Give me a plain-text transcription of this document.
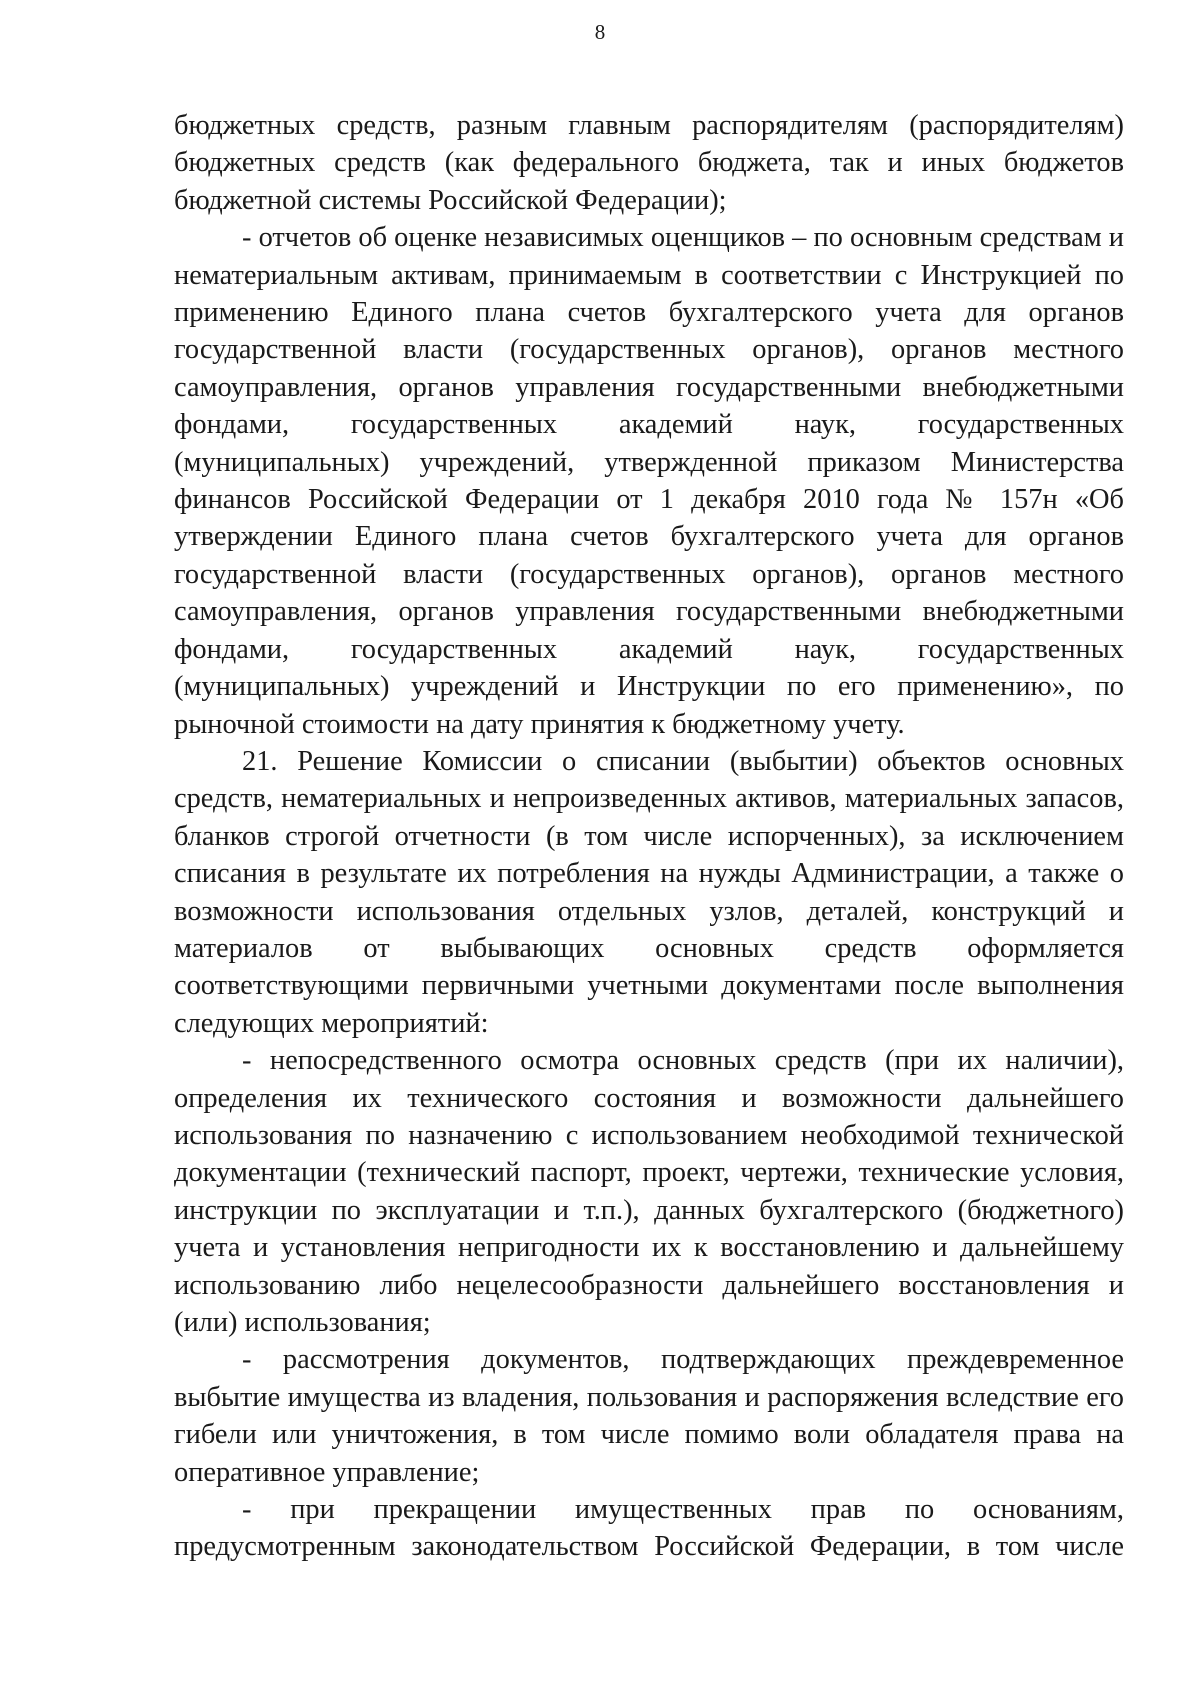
8

бюджетных средств, разным главным распорядителям (распорядителям) бюджетных средств (как федерального бюджета, так и иных бюджетов бюджетной системы Российской Федерации);

- отчетов об оценке независимых оценщиков – по основным средствам и нематериальным активам, принимаемым в соответствии с Инструкцией по применению Единого плана счетов бухгалтерского учета для органов государственной власти (государственных органов), органов местного самоуправления, органов управления государственными внебюджетными фондами, государственных академий наук, государственных (муниципальных) учреждений, утвержденной приказом Министерства финансов Российской Федерации от 1 декабря 2010 года № 157н «Об утверждении Единого плана счетов бухгалтерского учета для органов государственной власти (государственных органов), органов местного самоуправления, органов управления государственными внебюджетными фондами, государственных академий наук, государственных (муниципальных) учреждений и Инструкции по его применению», по рыночной стоимости на дату принятия к бюджетному учету.

21. Решение Комиссии о списании (выбытии) объектов основных средств, нематериальных и непроизведенных активов, материальных запасов, бланков строгой отчетности (в том числе испорченных), за исключением списания в результате их потребления на нужды Администрации, а также о возможности использования отдельных узлов, деталей, конструкций и материалов от выбывающих основных средств оформляется соответствующими первичными учетными документами после выполнения следующих мероприятий:

- непосредственного осмотра основных средств (при их наличии), определения их технического состояния и возможности дальнейшего использования по назначению с использованием необходимой технической документации (технический паспорт, проект, чертежи, технические условия, инструкции по эксплуатации и т.п.), данных бухгалтерского (бюджетного) учета и установления непригодности их к восстановлению и дальнейшему использованию либо нецелесообразности дальнейшего восстановления и (или) использования;

- рассмотрения документов, подтверждающих преждевременное выбытие имущества из владения, пользования и распоряжения вследствие его гибели или уничтожения, в том числе помимо воли обладателя права на оперативное управление;

- при прекращении имущественных прав по основаниям, предусмотренным законодательством Российской Федерации, в том числе
